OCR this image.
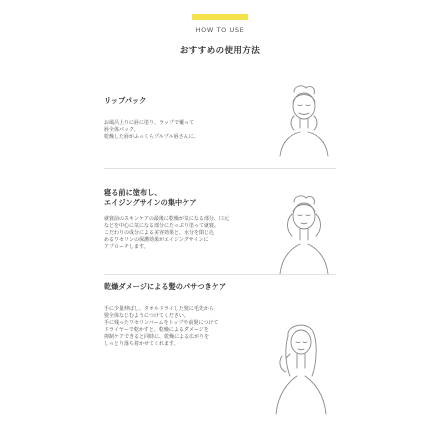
HOW TO USE
おすすめの使用方法

リップパック

お風呂上りに唇に塗り、ラップで覆って
唇全体パック。
乾燥した唇がふっくらプルプル唇さんに。

寝る前に塗布し、
エイジングサインの集中ケア

就寝前のスキンケアの最後に乾燥が気になる部分、口元
などを中心に気になる部分にたっぷり塗って就寝。
こだわりの成分による美容効果と、水分を閉じ込
めるワセリンの保護効果がエイジングサインに
アプローチします。

乾燥ダメージによる髪のパサつきケア

手に少量伸ばし、タオルドライした髪に毛先から
髪全体なじむようにつけてください。
手に残ったワセリンバームをトップや前髪につけて
ドライヤーで乾かすと、乾燥によるダメージを
抑制ケアできると同時に、乾燥による広がりを
しっとり落ち着かせてくれます。
